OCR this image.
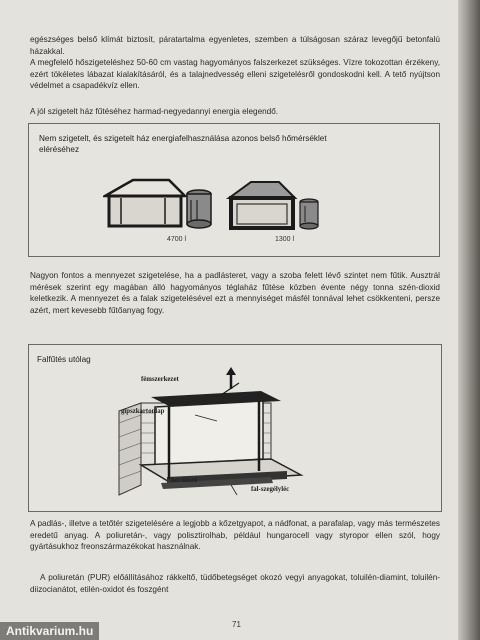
egészséges belső klímát biztosít, páratartalma egyenletes, szemben a túlságosan száraz levegőjű betonfalú házakkal.

A megfelelő hőszigeteléshez 50-60 cm vastag hagyományos falszerkezet szükséges. Vízre tokozottan érzékeny, ezért tökéletes lábazat kialakításáról, és a talajnedvesség elleni szigetelésről gondoskodni kell. A tető nyújtson védelmet a csapadékvíz ellen.

A jól szigetelt ház fűtéséhez harmad-negyedannyi energia elegendő.
Nem szigetelt, és szigetelt ház energiafelhasználása azonos belső hőmérséklet eléréséhez
4700 l	1300 l
Nagyon fontos a mennyezet szigetelése, ha a padlásteret, vagy a szoba felett lévő szintet nem fűtik. Ausztrál mérések szerint egy magában álló hagyományos téglaház fűtése közben évente négy tonna szén-dioxid keletkezik. A mennyezet és a falak szigetelésével ezt a mennyiséget másfél tonnával lehet csökkenteni, persze azért, mert kevesebb fűtőanyag fogy.
Falfűtés utólag
fémszerkezet
gipszkartonlap
hordásző
fal-szegélyléc
A padlás-, illetve a tetőtér szigetelésére a legjobb a kőzetgyapot, a nádfonat, a parafalap, vagy más természetes eredetű anyag. A poliuretán-, vagy polisztirolhab, például hungarocell vagy styropor ellen szól, hogy gyártásukhoz freonszármazékokat használnak.
A poliuretán (PUR) előállításához rákkeltő, tüdőbetegséget okozó vegyi anyagokat, toluilén-diamint, toluilén-diizocianátot, etilén-oxidot és foszgént
71
Antikvarium.hu
